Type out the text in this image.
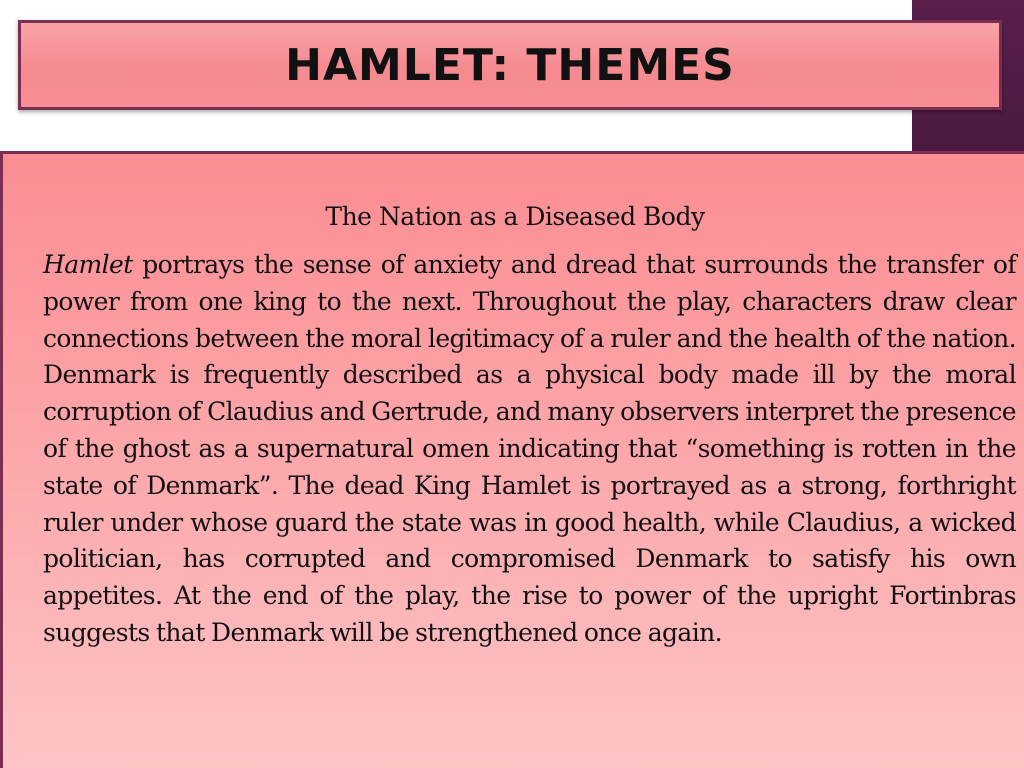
HAMLET: THEMES
The Nation as a Diseased Body

Hamlet portrays the sense of anxiety and dread that surrounds the transfer of power from one king to the next. Throughout the play, characters draw clear connections between the moral legitimacy of a ruler and the health of the nation. Denmark is frequently described as a physical body made ill by the moral corruption of Claudius and Gertrude, and many observers interpret the presence of the ghost as a supernatural omen indicating that “something is rotten in the state of Denmark”. The dead King Hamlet is portrayed as a strong, forthright ruler under whose guard the state was in good health, while Claudius, a wicked politician, has corrupted and compromised Denmark to satisfy his own appetites. At the end of the play, the rise to power of the upright Fortinbras suggests that Denmark will be strengthened once again.
